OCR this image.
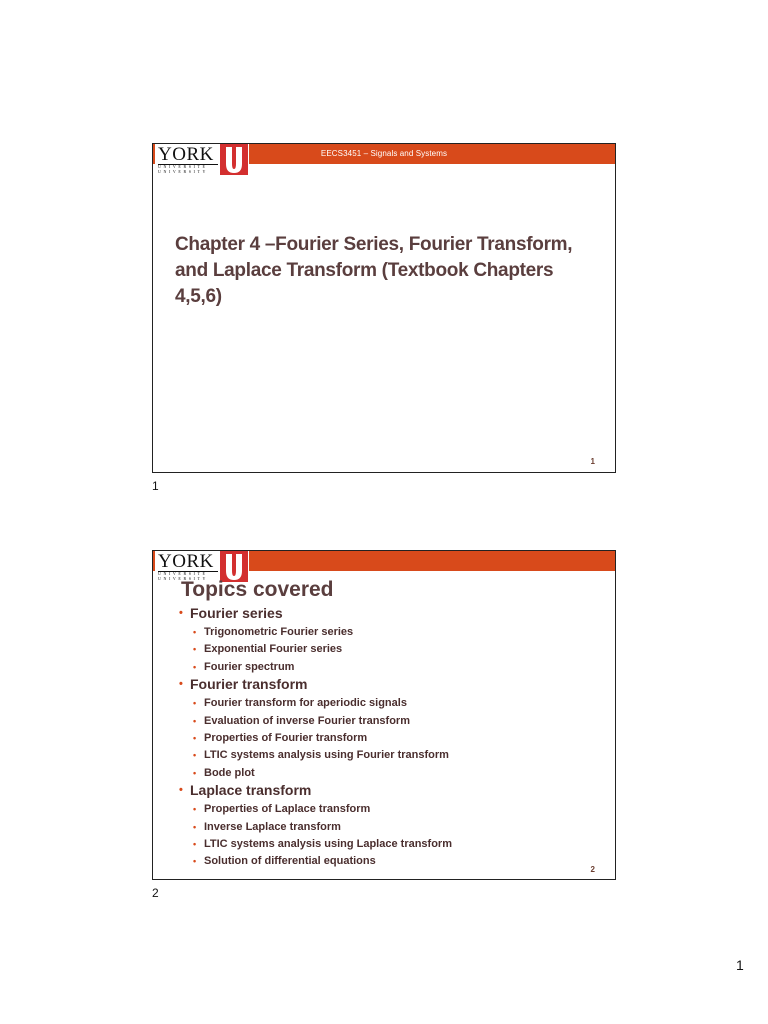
EECS3451 – Signals and Systems
YORK
UNIVERSITÉ UNIVERSITY
Chapter 4 –Fourier Series, Fourier Transform, and Laplace Transform (Textbook Chapters 4,5,6)
1
1
YORK
UNIVERSITÉ UNIVERSITY
Topics covered
• Fourier series
• Trigonometric Fourier series
• Exponential Fourier series
• Fourier spectrum
• Fourier transform
• Fourier transform for aperiodic signals
• Evaluation of inverse Fourier transform
• Properties of Fourier transform
• LTIC systems analysis using Fourier transform
• Bode plot
• Laplace transform
• Properties of Laplace transform
• Inverse Laplace transform
• LTIC systems analysis using Laplace transform
• Solution of differential equations
2
2
1
